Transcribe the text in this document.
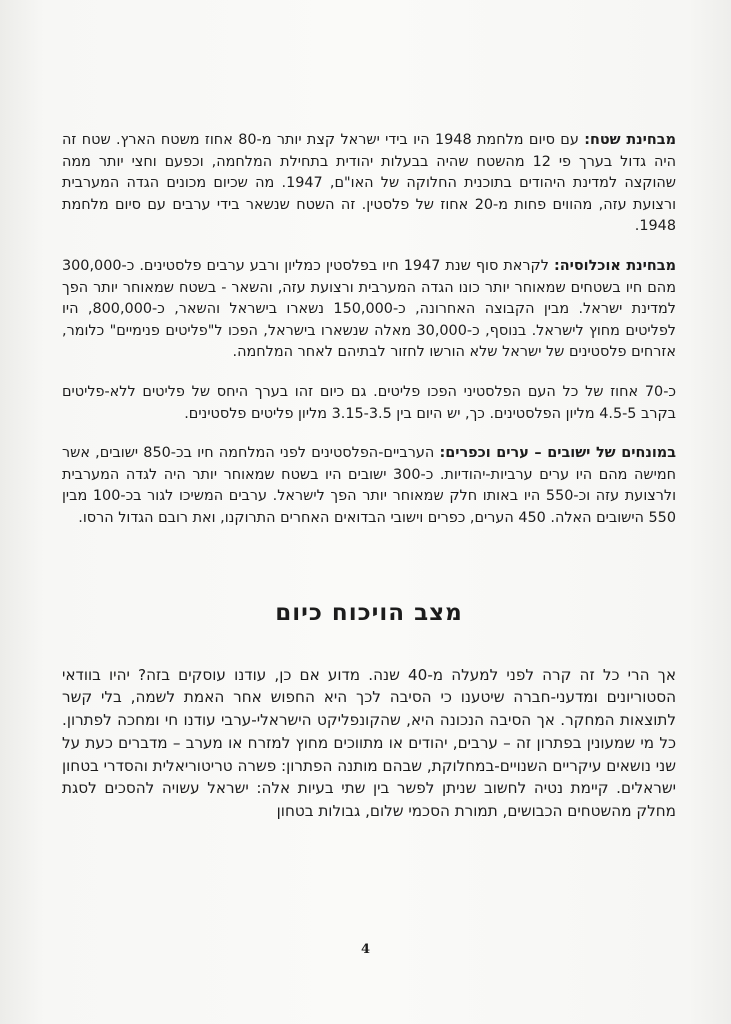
מבחינת שטח: עם סיום מלחמת 1948 היו בידי ישראל קצת יותר מ-80 אחוז משטח הארץ. שטח זה היה גדול בערך פי 12 מהשטח שהיה בבעלות יהודית בתחילת המלחמה, וכפעם וחצי יותר ממה שהוקצה למדינת היהודים בתוכנית החלוקה של האו"ם, 1947. מה שכיום מכונים הגדה המערבית ורצועת עזה, מהווים פחות מ-20 אחוז של פלסטין. זה השטח שנשאר בידי ערבים עם סיום מלחמת 1948.

מבחינת אוכלוסיה: לקראת סוף שנת 1947 חיו בפלסטין כמליון ורבע ערבים פלסטינים. כ-300,000 מהם חיו בשטחים שמאוחר יותר כונו הגדה המערבית ורצועת עזה, והשאר - בשטח שמאוחר יותר הפך למדינת ישראל. מבין הקבוצה האחרונה, כ-150,000 נשארו בישראל והשאר, כ-800,000, היו לפליטים מחוץ לישראל. בנוסף, כ-30,000 מאלה שנשארו בישראל, הפכו ל"פליטים פנימיים" כלומר, אזרחים פלסטינים של ישראל שלא הורשו לחזור לבתיהם לאחר המלחמה.

כ-70 אחוז של כל העם הפלסטיני הפכו פליטים. גם כיום זהו בערך היחס של פליטים ללא-פליטים בקרב 4.5-5 מליון הפלסטינים. כך, יש היום בין 3.15-3.5 מליון פליטים פלסטינים.

במונחים של ישובים – ערים וכפרים: הערביים-הפלסטינים לפני המלחמה חיו בכ-850 ישובים, אשר חמישה מהם היו ערים ערביות-יהודיות. כ-300 ישובים היו בשטח שמאוחר יותר היה לגדה המערבית ולרצועת עזה וכ-550 היו באותו חלק שמאוחר יותר הפך לישראל. ערבים המשיכו לגור בכ-100 מבין 550 הישובים האלה. 450 הערים, כפרים וישובי הבדואים האחרים התרוקנו, ואת רובם הגדול הרסו.

מצב הויכוח כיום

אך הרי כל זה קרה לפני למעלה מ-40 שנה. מדוע אם כן, עודנו עוסקים בזה? יהיו בוודאי הסטוריונים ומדעני-חברה שיטענו כי הסיבה לכך היא החפוש אחר האמת לשמה, בלי קשר לתוצאות המחקר. אך הסיבה הנכונה היא, שהקונפליקט הישראלי-ערבי עודנו חי ומחכה לפתרון. כל מי שמעונין בפתרון זה – ערבים, יהודים או מתווכים מחוץ למזרח או מערב – מדברים כעת על שני נושאים עיקריים השנויים-במחלוקת, שבהם מותנה הפתרון: פשרה טריטוריאלית והסדרי בטחון ישראלים. קיימת נטיה לחשוב שניתן לפשר בין שתי בעיות אלה: ישראל עשויה להסכים לסגת מחלק מהשטחים הכבושים, תמורת הסכמי שלום, גבולות בטחון

4
